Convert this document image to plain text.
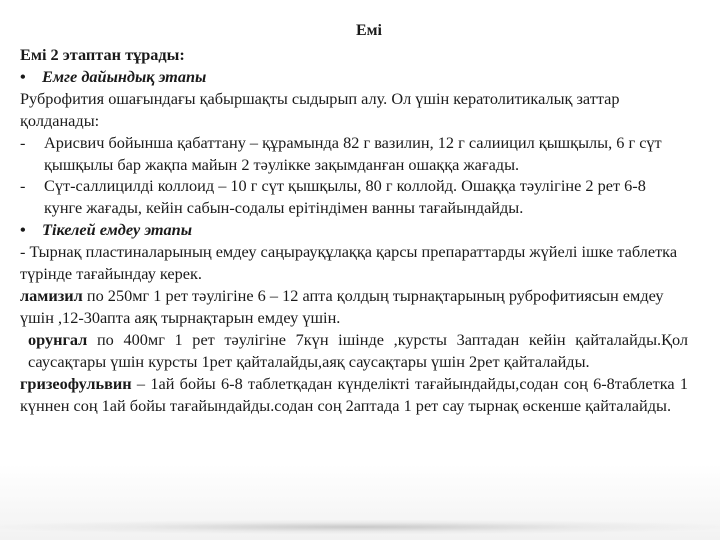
Емі

Емі 2 этаптан тұрады:

• Емге дайындық этапы

Руброфития ошағындағы қабыршақты сыдырып алу. Ол үшін кератолитикалық заттар қолданады:

-	Арисвич бойынша қабаттану – құрамында 82 г вазилин, 12 г салиицил қышқылы, 6 г сүт қышқылы бар жақпа майын 2 тәулікке зақымданған ошаққа жағады.
-	Сүт-саллицилді коллоид – 10 г сүт қышқылы, 80 г коллойд. Ошаққа тәулігіне 2 рет 6-8 кунге жағады, кейін сабын-содалы ерітіндімен ванны тағайындайды.
• Тікелей емдеу этапы

- Тырнақ пластиналарының емдеу саңырауқұлаққа қарсы препараттарды жүйелі ішке таблетка түрінде тағайындау керек.

ламизил по 250мг 1 рет тәулігіне 6 – 12 апта қолдың тырнақтарының руброфитиясын емдеу үшін ,12-30апта аяқ тырнақтарын емдеу үшін.

орунгал по 400мг 1 рет тәулігіне 7күн ішінде ,курсты 3аптадан кейін қайталайды.Қол саусақтары үшін курсты 1рет қайталайды,аяқ саусақтары үшін 2рет қайталайды.

гризеофульвин – 1ай бойы 6-8 таблетқадан күнделікті тағайындайды,содан соң 6-8таблетка 1 күннен соң 1ай бойы тағайындайды.содан соң 2аптада 1 рет сау тырнақ өскенше қайталайды.
